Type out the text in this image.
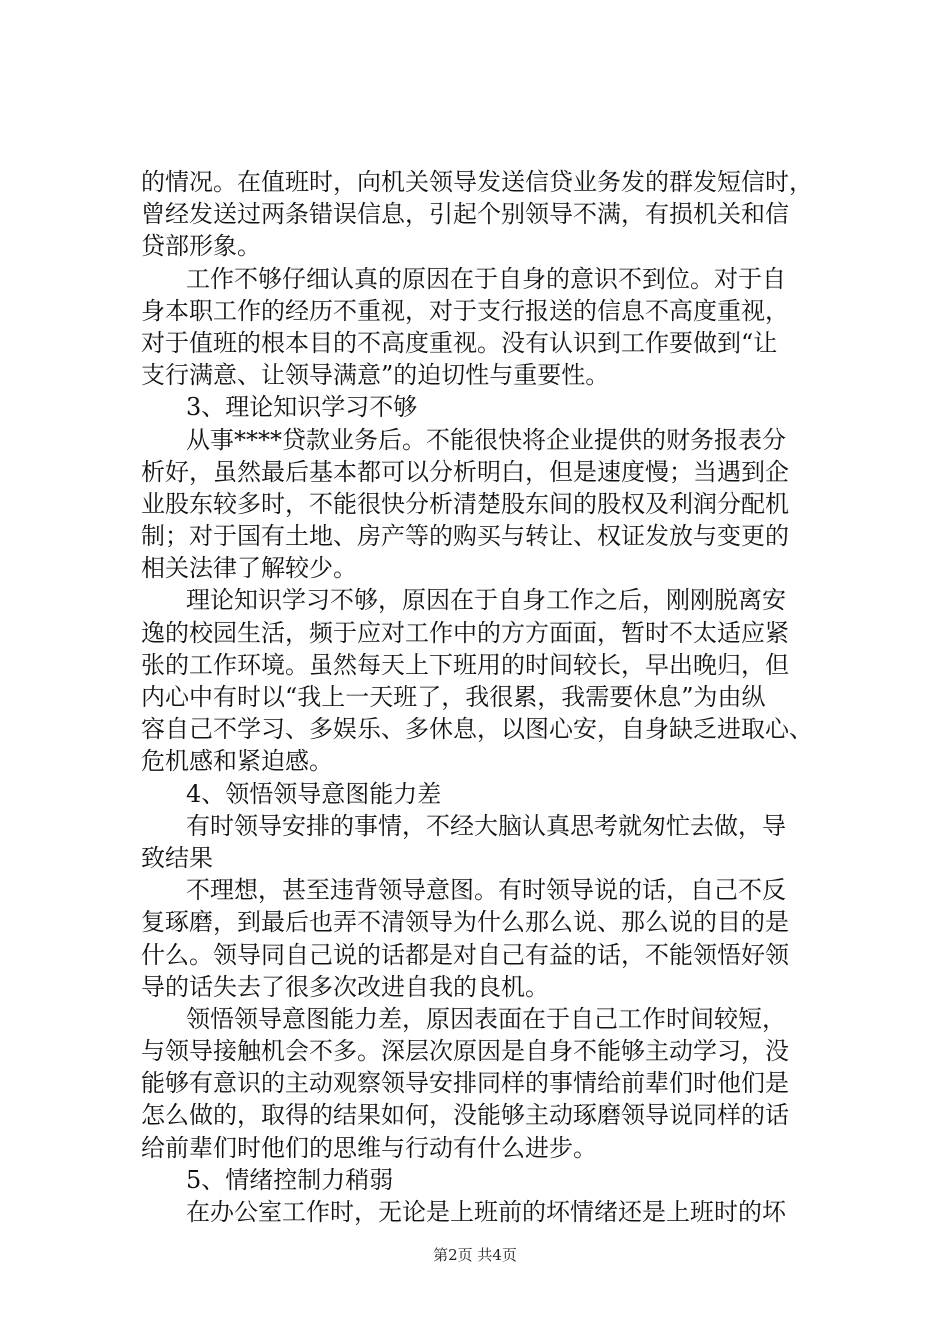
的情况。在值班时，向机关领导发送信贷业务发的群发短信时，
曾经发送过两条错误信息，引起个别领导不满，有损机关和信
贷部形象。
工作不够仔细认真的原因在于自身的意识不到位。对于自
身本职工作的经历不重视，对于支行报送的信息不高度重视，
对于值班的根本目的不高度重视。没有认识到工作要做到“让
支行满意、让领导满意”的迫切性与重要性。
3、理论知识学习不够
从事****贷款业务后。不能很快将企业提供的财务报表分
析好，虽然最后基本都可以分析明白，但是速度慢；当遇到企
业股东较多时，不能很快分析清楚股东间的股权及利润分配机
制；对于国有土地、房产等的购买与转让、权证发放与变更的
相关法律了解较少。
理论知识学习不够，原因在于自身工作之后，刚刚脱离安
逸的校园生活，频于应对工作中的方方面面，暂时不太适应紧
张的工作环境。虽然每天上下班用的时间较长，早出晚归，但
内心中有时以“我上一天班了，我很累，我需要休息”为由纵
容自己不学习、多娱乐、多休息，以图心安，自身缺乏进取心、
危机感和紧迫感。
4、领悟领导意图能力差
有时领导安排的事情，不经大脑认真思考就匆忙去做，导
致结果
不理想，甚至违背领导意图。有时领导说的话，自己不反
复琢磨，到最后也弄不清领导为什么那么说、那么说的目的是
什么。领导同自己说的话都是对自己有益的话，不能领悟好领
导的话失去了很多次改进自我的良机。
领悟领导意图能力差，原因表面在于自己工作时间较短，
与领导接触机会不多。深层次原因是自身不能够主动学习，没
能够有意识的主动观察领导安排同样的事情给前辈们时他们是
怎么做的，取得的结果如何，没能够主动琢磨领导说同样的话
给前辈们时他们的思维与行动有什么进步。
5、情绪控制力稍弱
在办公室工作时，无论是上班前的坏情绪还是上班时的坏
第2页 共4页
